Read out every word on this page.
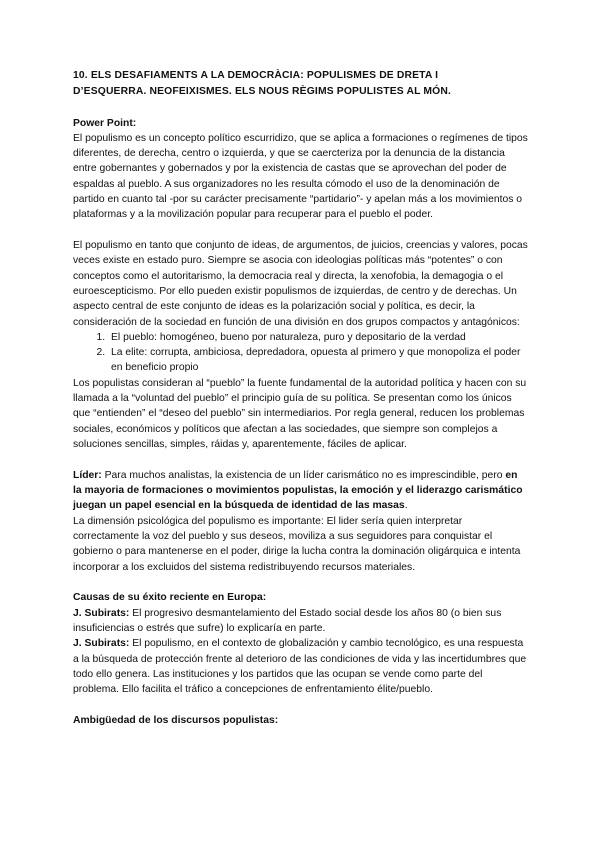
10. ELS DESAFIAMENTS A LA DEMOCRÀCIA: POPULISMES DE DRETA I
D’ESQUERRA. NEOFEIXISMES. ELS NOUS RÈGIMS POPULISTES AL MÓN.

Power Point:

El populismo es un concepto político escurridizo, que se aplica a formaciones o regímenes de tipos diferentes, de derecha, centro o izquierda, y que se caercteriza por la denuncia de la distancia entre gobernantes y gobernados y por la existencia de castas que se aprovechan del poder de espaldas al pueblo. A sus organizadores no les resulta cómodo el uso de la denominación de partido en cuanto tal -por su carácter precisamente “partidario”- y apelan más a los movimientos o plataformas y a la movilización popular para recuperar para el pueblo el poder.

El populismo en tanto que conjunto de ideas, de argumentos, de juicios, creencias y valores, pocas veces existe en estado puro. Siempre se asocia con ideologias políticas más “potentes” o con conceptos como el autoritarismo, la democracia real y directa, la xenofobia, la demagogia o el euroescepticismo. Por ello pueden existir populismos de izquierdas, de centro y de derechas. Un aspecto central de este conjunto de ideas es la polarización social y política, es decir, la consideración de la sociedad en función de una división en dos grupos compactos y antagónicos:

1. El pueblo: homogéneo, bueno por naturaleza, puro y depositario de la verdad
2. La elite: corrupta, ambiciosa, depredadora, opuesta al primero y que monopoliza el poder en beneficio propio

Los populistas consideran al “pueblo” la fuente fundamental de la autoridad política y hacen con su llamada a la “voluntad del pueblo” el principio guía de su política. Se presentan como los únicos que “entienden” el “deseo del pueblo” sin intermediarios. Por regla general, reducen los problemas sociales, económicos y políticos que afectan a las sociedades, que siempre son complejos a soluciones sencillas, simples, ráidas y, aparentemente, fáciles de aplicar.

Líder: Para muchos analistas, la existencia de un líder carismático no es imprescindible, pero en la mayoria de formaciones o movimientos populistas, la emoción y el liderazgo carismático juegan un papel esencial en la búsqueda de identidad de las masas.

La dimensión psicológica del populismo es importante: El lider sería quien interpretar correctamente la voz del pueblo y sus deseos, moviliza a sus seguidores para conquistar el gobierno o para mantenerse en el poder, dirige la lucha contra la dominación oligárquica e intenta incorporar a los excluidos del sistema redistribuyendo recursos materiales.

Causas de su éxito reciente en Europa:

J. Subirats: El progresivo desmantelamiento del Estado social desde los años 80 (o bien sus insuficiencias o estrés que sufre) lo explicaría en parte.

J. Subirats: El populismo, en el contexto de globalización y cambio tecnológico, es una respuesta a la búsqueda de protección frente al deterioro de las condiciones de vida y las incertidumbres que todo ello genera. Las instituciones y los partidos que las ocupan se vende como parte del problema. Ello facilita el tráfico a concepciones de enfrentamiento élite/pueblo.

Ambigüedad de los discursos populistas:
